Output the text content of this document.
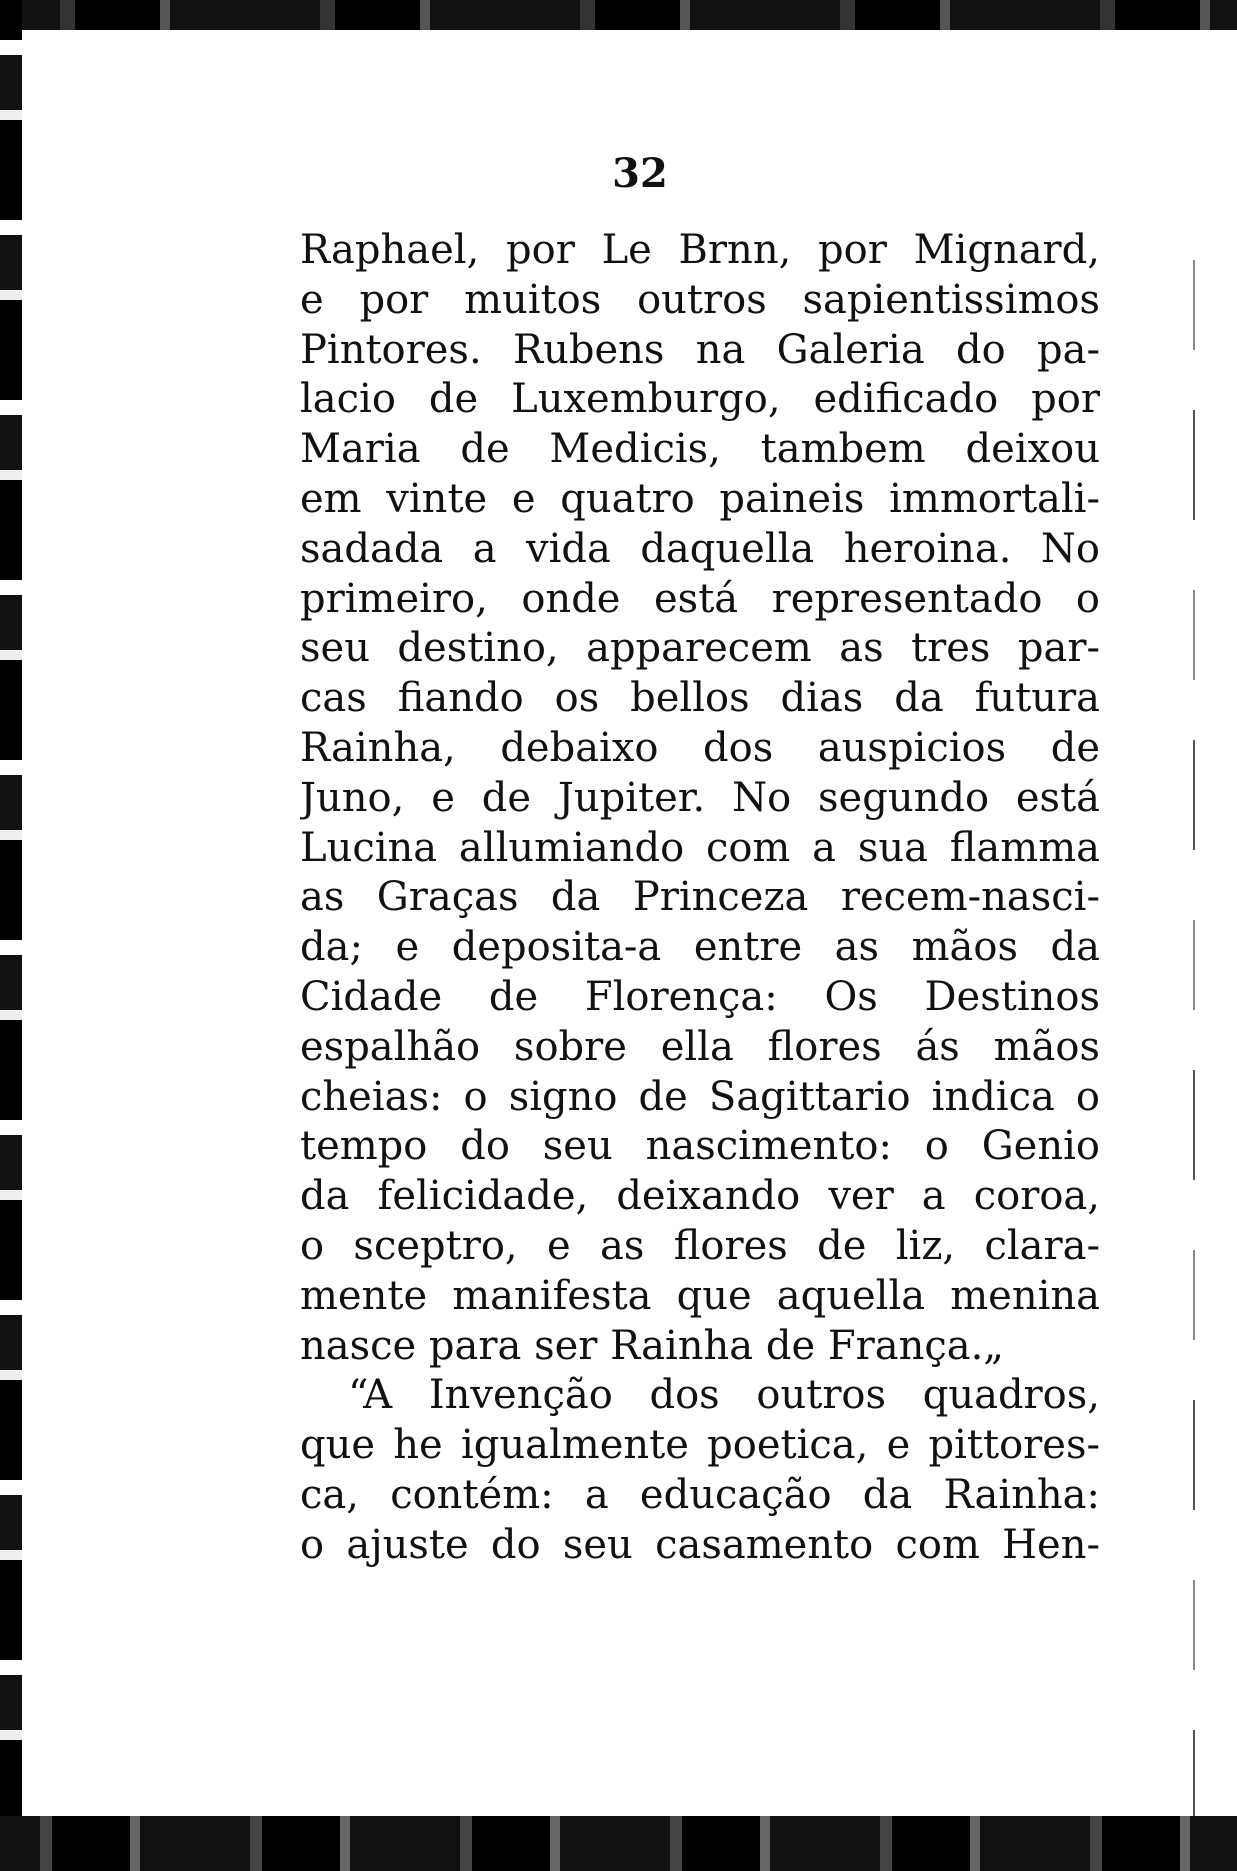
32
Raphael, por Le Brnn, por Mignard,
e por muitos outros sapientissimos
Pintores. Rubens na Galeria do pa-
lacio de Luxemburgo, edificado por
Maria de Medicis, tambem deixou
em vinte e quatro paineis immortali-
sadada a vida daquella heroina. No
primeiro, onde está representado o
seu destino, apparecem as tres par-
cas fiando os bellos dias da futura
Rainha, debaixo dos auspicios de
Juno, e de Jupiter. No segundo está
Lucina allumiando com a sua flamma
as Graças da Princeza recem-nasci-
da; e deposita-a entre as mãos da
Cidade de Florença: Os Destinos
espalhão sobre ella flores ás mãos
cheias: o signo de Sagittario indica o
tempo do seu nascimento: o Genio
da felicidade, deixando ver a coroa,
o sceptro, e as flores de liz, clara-
mente manifesta que aquella menina
nasce para ser Rainha de França.„
“A Invenção dos outros quadros,
que he igualmente poetica, e pittores-
ca, contém: a educação da Rainha:
o ajuste do seu casamento com Hen-
